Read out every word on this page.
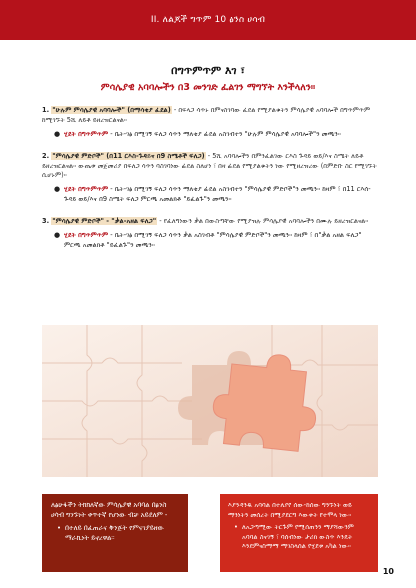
II. ለልጆች ግጥም 10 ፅንስ ሀሳብ
በግጥምጥም እገ ፣
ምሳሌያዊ አባባሎችን በ3 መንገድ ፈልገን ማግኘት እንችላለን።
1. "ሁሉም ምሳሌያዊ አባባሎች" (በማሳቂያ ፈደል) - በፍላጋ ሳጥኑ በምናስገባው ፈደል የሚያልቁትን ምሳሌያዊ አባባሎች በግጥምጥም ከሚገኙት 5ሺ ለይቶ ይዘረዝርልናል።
● ሂደት በግጥምጥም - ቤት-ገፅ በሚገኝ ፍለጋ ሳጥን ማለቂያ ፊደል አስገብተን "ሁሉም ምሳሌያዊ አባባሎች"ን መጫን።
2. "ምሳሌያዊ ምድቦች" (በ11 ርእስ-ጉዳይና በ9 ስሜቶች ፍለጋ) - 5ሺ አባባሎችን በምንፈልገው ርእስ ጉዳይ ወይ/እና ስሜት ለይቶ ይዘረዝርልናል። ውጤቱ መጀመሪያ በፍለጋ ሳጥን ባስገባነው ፊደል ስለሆነ ፣ በዛ ፊደል የሚያልቁትን ነው የሚዘረዝረው (በምድቡ ስር የሚገኙት ሲሆኑም)።
● ሂደት በግጥምጥም - ቤት-ገፅ በሚገኝ ፍለጋ ሳጥን ማለቂያ ፊደል አስገብተን "ምሳሌያዊ ምድቦች"ን መጫን። ከዛም ፣ በ11 ርእሰ-ጉዳይ ወይ/እና በ9 ስሜት ፍለጋ ምርጫ አመልክቶ "ይፈልጉ"ን መጫን።
3. "ምሳሌያዊ ምድቦች" - "ቃል-አዘል ፍለጋ" - የፈለግነውን ቃል በውስጣቸው የሚያዝሉ ምሳሌያዊ አባባሎችን በሙሉ ይዘረዝርልናል።
● ሂደት በግጥምጥም - ቤት-ገፅ በሚገኝ ፍለጋ ሳጥን ቃል አስገብቶ "ምሳሌያዊ ምድቦች"ን መጫን። ከዛም ፣ በ"ቃል አዘል ፍለጋ" ምርጫ አመልክቶ "ይፈልጉ"ን መጫን።
ለፅሁፋችን ትክክለኛው ምሳሌያዊ አባባል በፅንስ ሀሳብ ግንኙነት ቀጥተኛ የሆነው ብቻ አይደለም -
• በተለይ በፈጠራና ቅንጅት የምናገያይዘው ማራኪነት ይኖረዋል።
እያንዳንዱ አባባል በተለያየ ሰው-ከሰው ግንኙነት ወይ ማንነትን መሰረት በሚያደርግ እውቀት የተሞላ ነው።
• ለአጋጣሚው ትርጉም የሚሰጠንን ማያሻውንም አባባል ስናገኝ ፣ ባሰብነው ታሪክ ውስጥ እንዴት እንደምናስማማ ማገስላሰል የሂደቱ አካል ነው።
10
